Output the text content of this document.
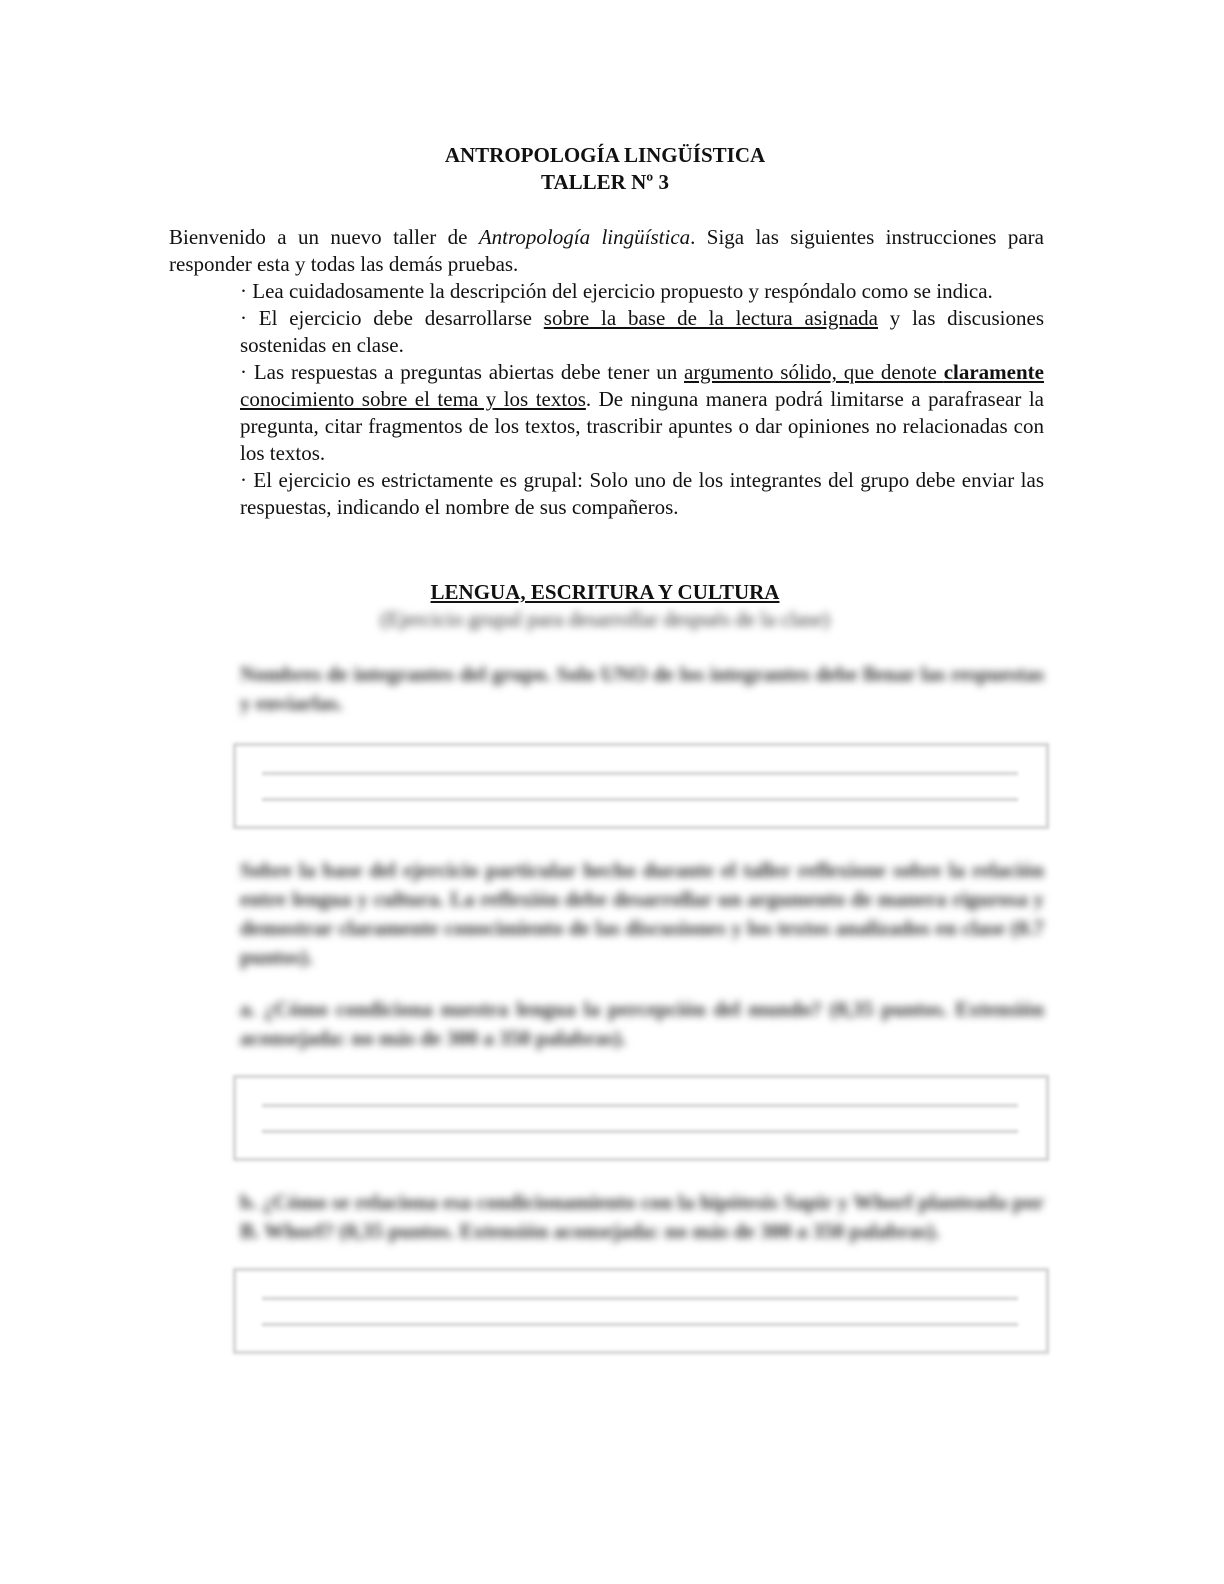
ANTROPOLOGÍA LINGÜÍSTICA
TALLER Nº 3
Bienvenido a un nuevo taller de Antropología lingüística. Siga las siguientes instrucciones para responder esta y todas las demás pruebas.

· Lea cuidadosamente la descripción del ejercicio propuesto y respóndalo como se indica.

· El ejercicio debe desarrollarse sobre la base de la lectura asignada y las discusiones sostenidas en clase.

· Las respuestas a preguntas abiertas debe tener un argumento sólido, que denote claramente conocimiento sobre el tema y los textos. De ninguna manera podrá limitarse a parafrasear la pregunta, citar fragmentos de los textos, trascribir apuntes o dar opiniones no relacionadas con los textos.

· El ejercicio es estrictamente es grupal: Solo uno de los integrantes del grupo debe enviar las respuestas, indicando el nombre de sus compañeros.

LENGUA, ESCRITURA Y CULTURA
(Ejercicio grupal para desarrollar después de la clase)
Nombres de integrantes del grupo. Solo UNO de los integrantes debe llenar las respuestas y enviarlas.
Sobre la base del ejercicio particular hecho durante el taller reflexione sobre la relación entre lengua y cultura. La reflexión debe desarrollar un argumento de manera rigurosa y demostrar claramente conocimiento de las discusiones y los textos analizados en clase (0.7 puntos).
a. ¿Cómo condiciona nuestra lengua la percepción del mundo? (0,35 puntos. Extensión aconsejada: no más de 300 a 350 palabras).
b. ¿Cómo se relaciona esa condicionamiento con la hipótesis Sapir y Whorf planteada por B. Whorf? (0,35 puntos. Extensión aconsejada: no más de 300 a 350 palabras).
